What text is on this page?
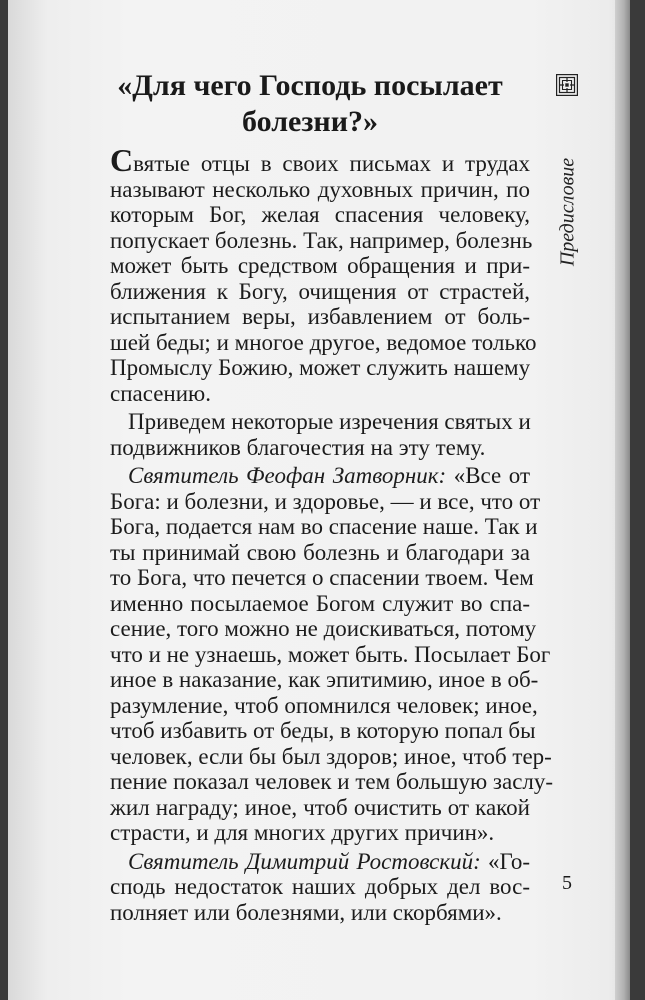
«Для чего Господь посылает
болезни?»
Предисловие
Святые отцы в своих письмах и трудах
называют несколько духовных причин, по
которым Бог, желая спасения человеку,
попускает болезнь. Так, например, болезнь
может быть средством обращения и при-
ближения к Богу, очищения от страстей,
испытанием веры, избавлением от боль-
шей беды; и многое другое, ведомое только
Промыслу Божию, может служить нашему
спасению.
Приведем некоторые изречения святых и
подвижников благочестия на эту тему.
Святитель Феофан Затворник: «Все от
Бога: и болезни, и здоровье, — и все, что от
Бога, подается нам во спасение наше. Так и
ты принимай свою болезнь и благодари за
то Бога, что печется о спасении твоем. Чем
именно посылаемое Богом служит во спа-
сение, того можно не доискиваться, потому
что и не узнаешь, может быть. Посылает Бог
иное в наказание, как эпитимию, иное в об-
разумление, чтоб опомнился человек; иное,
чтоб избавить от беды, в которую попал бы
человек, если бы был здоров; иное, чтоб тер-
пение показал человек и тем большую заслу-
жил награду; иное, чтоб очистить от какой
страсти, и для многих других причин».
Святитель Димитрий Ростовский: «Го-
сподь недостаток наших добрых дел вос-
полняет или болезнями, или скорбями».
5
